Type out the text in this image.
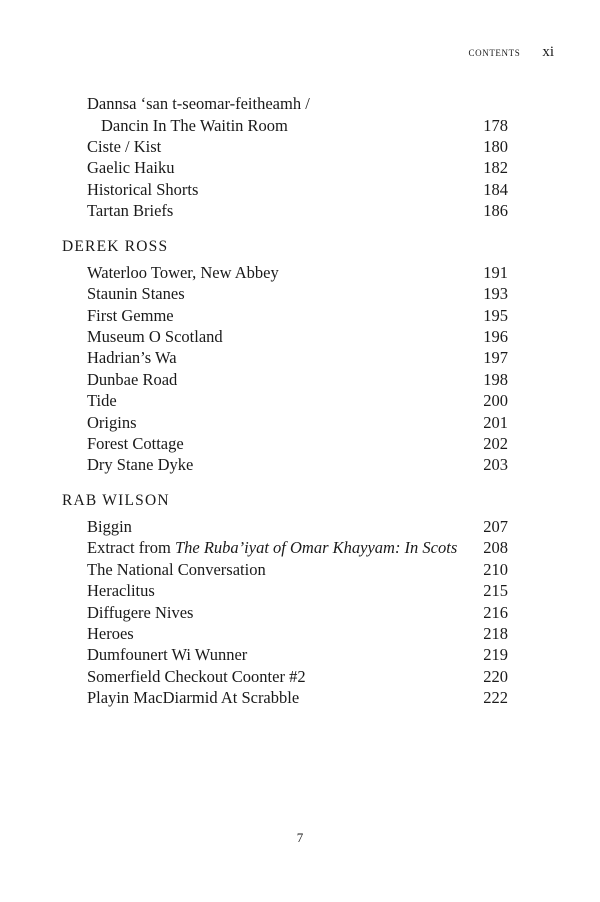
contents xi
Dannsa ‘san t-seomar-feitheamh /
Dancin In The Waitin Room	178
Ciste / Kist	180
Gaelic Haiku	182
Historical Shorts	184
Tartan Briefs	186
DEREK ROSS
Waterloo Tower, New Abbey	191
Staunin Stanes	193
First Gemme	195
Museum O Scotland	196
Hadrian’s Wa	197
Dunbae Road	198
Tide	200
Origins	201
Forest Cottage	202
Dry Stane Dyke	203
RAB WILSON
Biggin	207
Extract from The Ruba’iyat of Omar Khayyam: In Scots 208
The National Conversation	210
Heraclitus	215
Diffugere Nives	216
Heroes	218
Dumfounert Wi Wunner	219
Somerfield Checkout Coonter #2	220
Playin MacDiarmid At Scrabble	222
7
